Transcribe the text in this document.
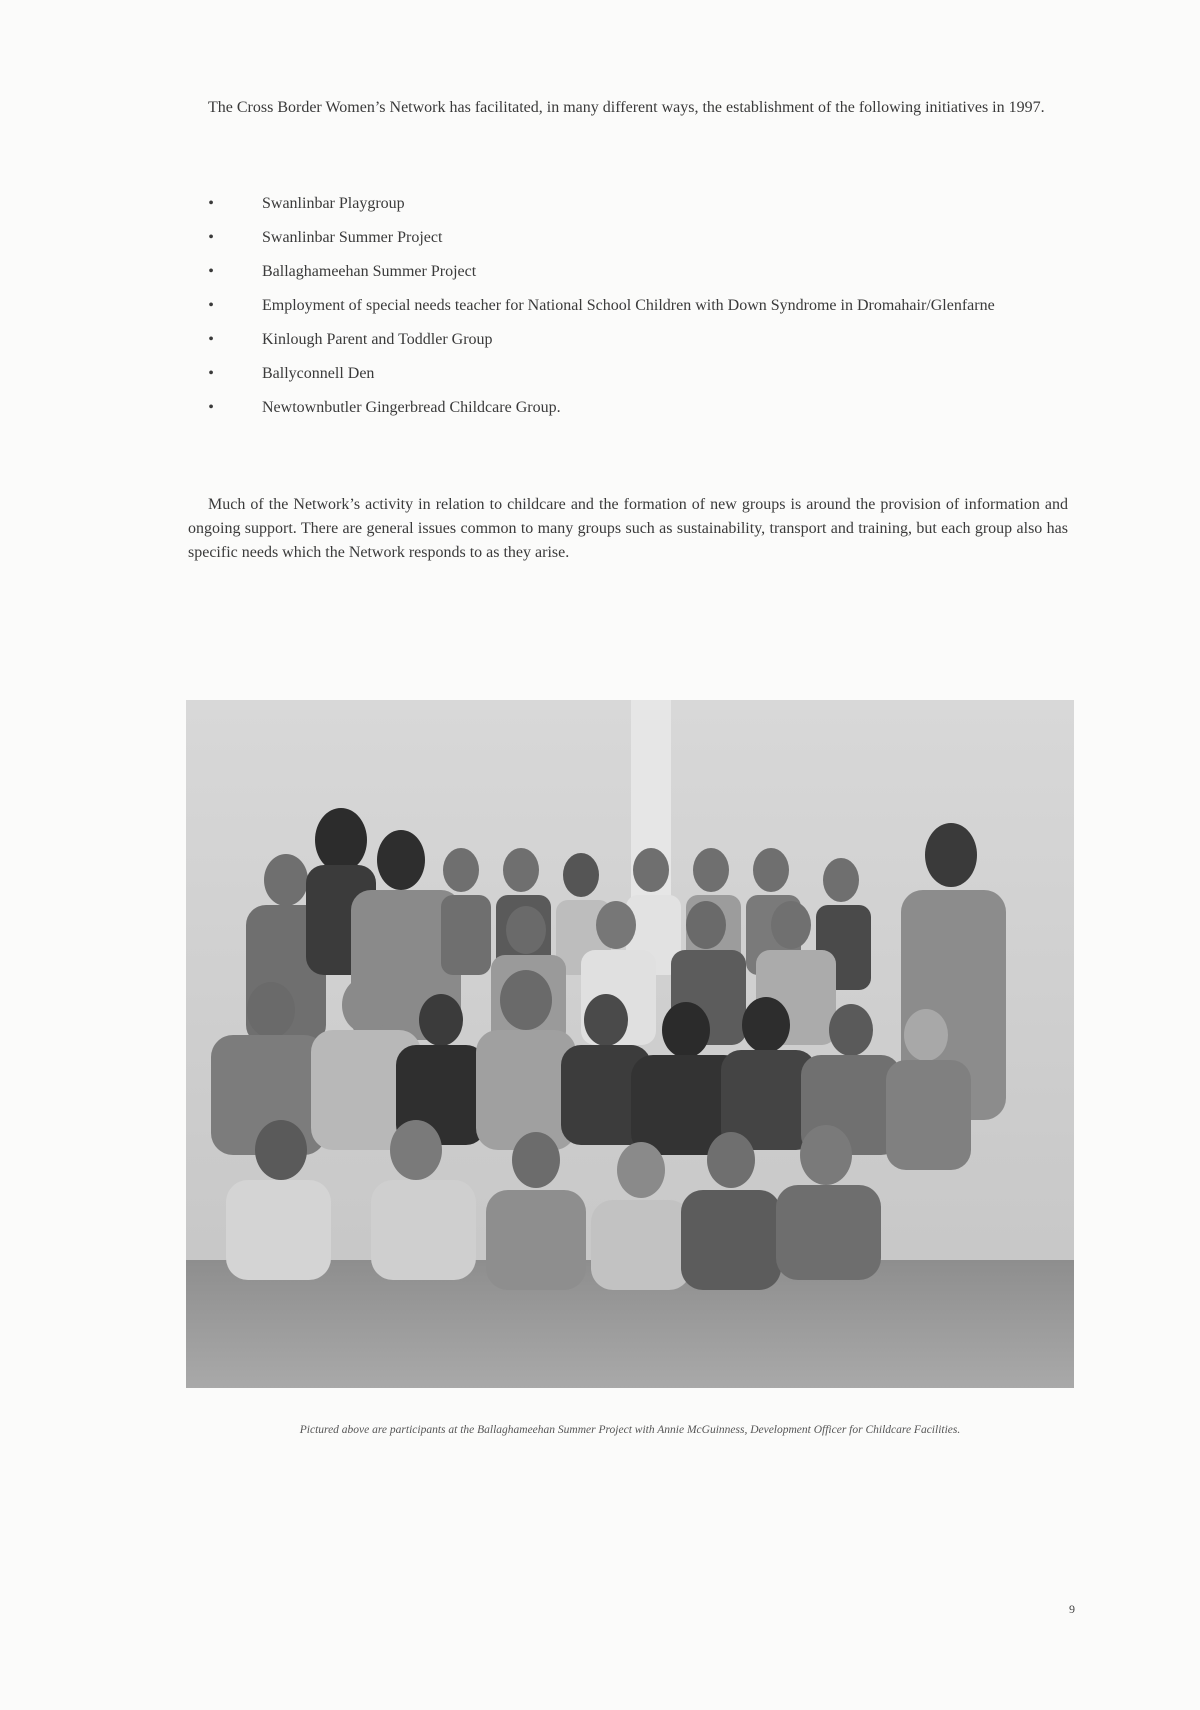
The Cross Border Women’s Network has facilitated, in many different ways, the establishment of the following initiatives in 1997.

•	Swanlinbar Playgroup
•	Swanlinbar Summer Project
•	Ballaghameehan Summer Project
•	Employment of special needs teacher for National School Children with Down Syndrome in Dromahair/Glenfarne
•	Kinlough Parent and Toddler Group
•	Ballyconnell Den
•	Newtownbutler Gingerbread Childcare Group.

Much of the Network’s activity in relation to childcare and the formation of new groups is around the provision of information and ongoing support. There are general issues common to many groups such as sustainability, transport and training, but each group also has specific needs which the Network responds to as they arise.

Pictured above are participants at the Ballaghameehan Summer Project with Annie McGuinness, Development Officer for Childcare Facilities.

9
